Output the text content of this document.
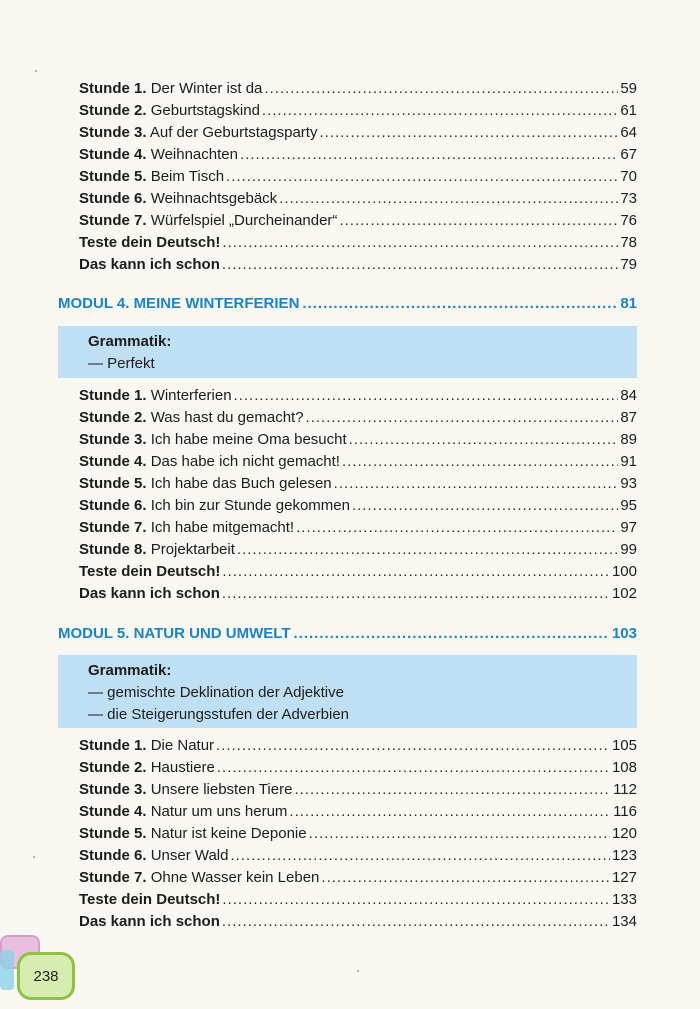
Stunde 1. Der Winter ist da .....	59
Stunde 2. Geburtstagskind .....	61
Stunde 3. Auf der Geburtstagsparty .....	64
Stunde 4. Weihnachten .....	67
Stunde 5. Beim Tisch .....	70
Stunde 6. Weihnachtsgebäck .....	73
Stunde 7. Würfelspiel „Durcheinander“ .....	76
Teste dein Deutsch! .....	78
Das kann ich schon .....	79
MODUL 4. MEINE WINTERFERIEN .....	81
Grammatik:
— Perfekt
Stunde 1. Winterferien .....	84
Stunde 2. Was hast du gemacht? .....	87
Stunde 3. Ich habe meine Oma besucht .....	89
Stunde 4. Das habe ich nicht gemacht! .....	91
Stunde 5. Ich habe das Buch gelesen .....	93
Stunde 6. Ich bin zur Stunde gekommen .....	95
Stunde 7. Ich habe mitgemacht! .....	97
Stunde 8. Projektarbeit .....	99
Teste dein Deutsch! .....	100
Das kann ich schon .....	102
MODUL 5. NATUR UND UMWELT .....	103
Grammatik:
— gemischte Deklination der Adjektive
— die Steigerungsstufen der Adverbien
Stunde 1. Die Natur .....	105
Stunde 2. Haustiere .....	108
Stunde 3. Unsere liebsten Tiere .....	112
Stunde 4. Natur um uns herum .....	116
Stunde 5. Natur ist keine Deponie .....	120
Stunde 6. Unser Wald .....	123
Stunde 7. Ohne Wasser kein Leben .....	127
Teste dein Deutsch! .....	133
Das kann ich schon .....	134
238
